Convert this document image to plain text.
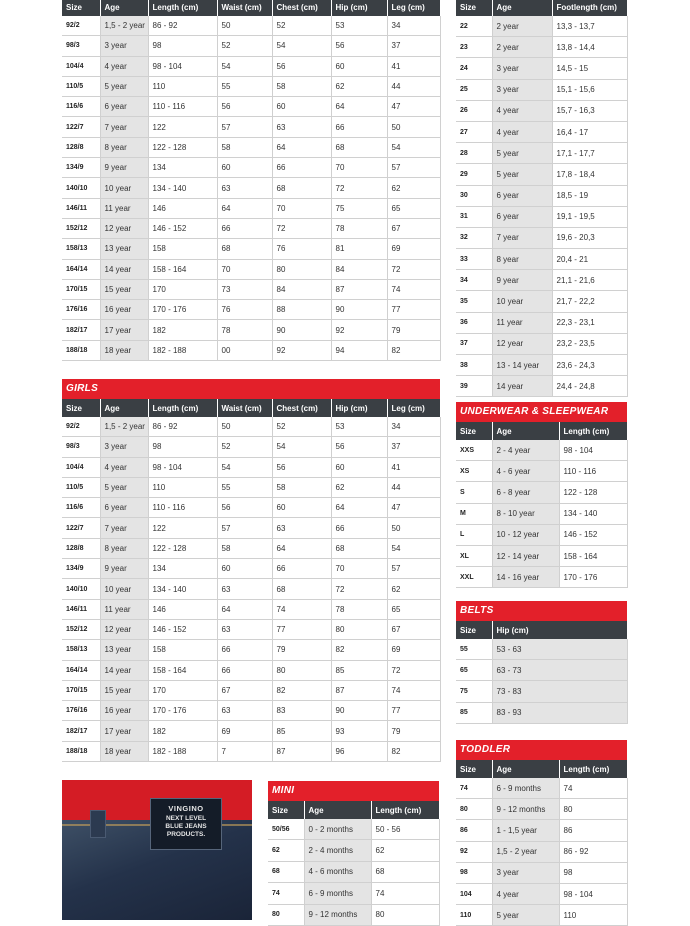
Size	Age	Length (cm)	Waist (cm)	Chest (cm)	Hip (cm)	Leg (cm)
92/2	1,5 - 2 year	86 - 92	50	52	53	34
98/3	3 year	98	52	54	56	37
104/4	4 year	98 - 104	54	56	60	41
110/5	5 year	110	55	58	62	44
116/6	6 year	110 - 116	56	60	64	47
122/7	7 year	122	57	63	66	50
128/8	8 year	122 - 128	58	64	68	54
134/9	9 year	134	60	66	70	57
140/10	10 year	134 - 140	63	68	72	62
146/11	11 year	146	64	70	75	65
152/12	12 year	146 - 152	66	72	78	67
158/13	13 year	158	68	76	81	69
164/14	14 year	158 - 164	70	80	84	72
170/15	15 year	170	73	84	87	74
176/16	16 year	170 - 176	76	88	90	77
182/17	17 year	182	78	90	92	79
188/18	18 year	182 - 188	00	92	94	82
Size	Age	Footlength (cm)
22	2 year	13,3 - 13,7
23	2 year	13,8 - 14,4
24	3 year	14,5 - 15
25	3 year	15,1 - 15,6
26	4 year	15,7 - 16,3
27	4 year	16,4 - 17
28	5 year	17,1 - 17,7
29	5 year	17,8 - 18,4
30	6 year	18,5 - 19
31	6 year	19,1 - 19,5
32	7 year	19,6 - 20,3
33	8 year	20,4 - 21
34	9 year	21,1 - 21,6
35	10 year	21,7 - 22,2
36	11 year	22,3 - 23,1
37	12 year	23,2 - 23,5
38	13 - 14 year	23,6 - 24,3
39	14 year	24,4 - 24,8
GIRLS
Size	Age	Length (cm)	Waist (cm)	Chest (cm)	Hip (cm)	Leg (cm)
92/2	1,5 - 2 year	86 - 92	50	52	53	34
98/3	3 year	98	52	54	56	37
104/4	4 year	98 - 104	54	56	60	41
110/5	5 year	110	55	58	62	44
116/6	6 year	110 - 116	56	60	64	47
122/7	7 year	122	57	63	66	50
128/8	8 year	122 - 128	58	64	68	54
134/9	9 year	134	60	66	70	57
140/10	10 year	134 - 140	63	68	72	62
146/11	11 year	146	64	74	78	65
152/12	12 year	146 - 152	63	77	80	67
158/13	13 year	158	66	79	82	69
164/14	14 year	158 - 164	66	80	85	72
170/15	15 year	170	67	82	87	74
176/16	16 year	170 - 176	63	83	90	77
182/17	17 year	182	69	85	93	79
188/18	18 year	182 - 188	7	87	96	82
UNDERWEAR & SLEEPWEAR
Size	Age	Length (cm)
XXS	2 - 4 year	98 - 104
XS	4 - 6 year	110 - 116
S	6 - 8 year	122 - 128
M	8 - 10 year	134 - 140
L	10 - 12 year	146 - 152
XL	12 - 14 year	158 - 164
XXL	14 - 16 year	170 - 176
BELTS
Size	Hip (cm)
55	53 - 63
65	63 - 73
75	73 - 83
85	83 - 93
TODDLER
Size	Age	Length (cm)
74	6 - 9 months	74
80	9 - 12 months	80
86	1 - 1,5 year	86
92	1,5 - 2 year	86 - 92
98	3 year	98
104	4 year	98 - 104
110	5 year	110
MINI
Size	Age	Length (cm)
50/56	0 - 2 months	50 - 56
62	2 - 4 months	62
68	4 - 6 months	68
74	6 - 9 months	74
80	9 - 12 months	80
VINGINO
NEXT LEVEL
BLUE JEANS
PRODUCTS.
